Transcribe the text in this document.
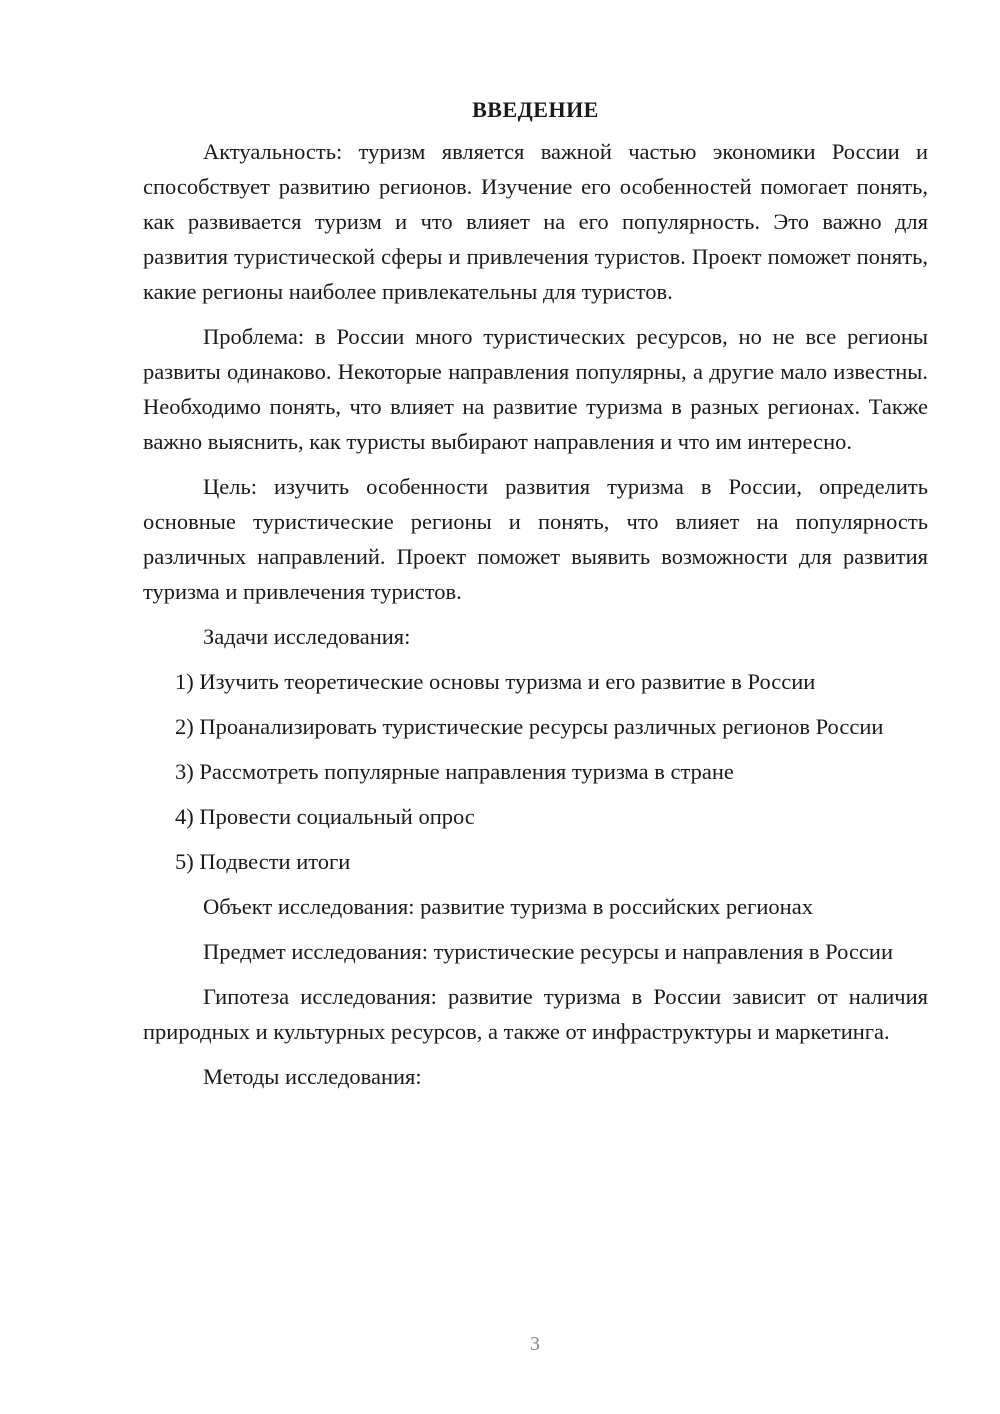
ВВЕДЕНИЕ

Актуальность: туризм является важной частью экономики России и способствует развитию регионов. Изучение его особенностей помогает понять, как развивается туризм и что влияет на его популярность. Это важно для развития туристической сферы и привлечения туристов. Проект поможет понять, какие регионы наиболее привлекательны для туристов.

Проблема: в России много туристических ресурсов, но не все регионы развиты одинаково. Некоторые направления популярны, а другие мало известны. Необходимо понять, что влияет на развитие туризма в разных регионах. Также важно выяснить, как туристы выбирают направления и что им интересно.

Цель: изучить особенности развития туризма в России, определить основные туристические регионы и понять, что влияет на популярность различных направлений. Проект поможет выявить возможности для развития туризма и привлечения туристов.

Задачи исследования:

1) Изучить теоретические основы туризма и его развитие в России

2) Проанализировать туристические ресурсы различных регионов России

3) Рассмотреть популярные направления туризма в стране

4) Провести социальный опрос

5) Подвести итоги

Объект исследования: развитие туризма в российских регионах

Предмет исследования: туристические ресурсы и направления в России

Гипотеза исследования: развитие туризма в России зависит от наличия природных и культурных ресурсов, а также от инфраструктуры и маркетинга.

Методы исследования:

3
